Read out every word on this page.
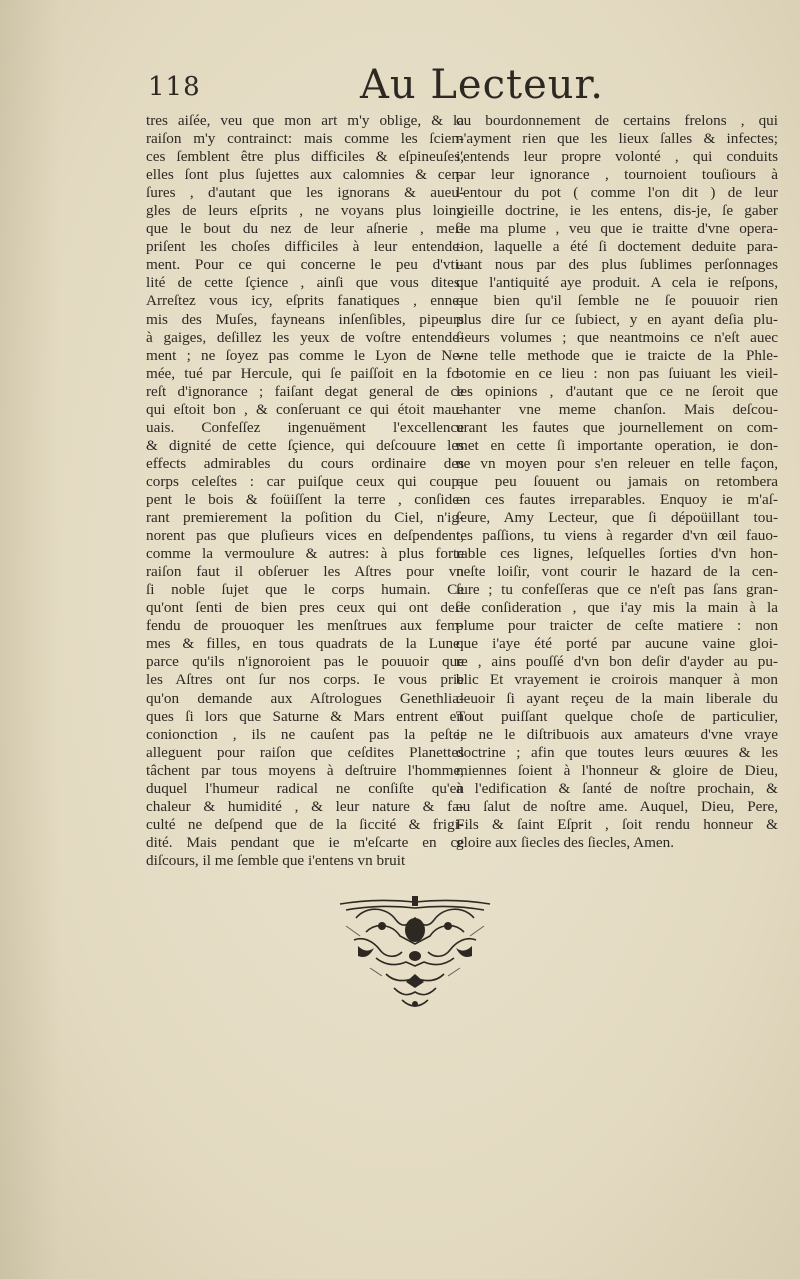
118	Au Lecteur.
tres aiſée, veu que mon art m'y oblige, & la
raiſon m'y contrainct: mais comme les ſcien-
ces ſemblent être plus difficiles & eſpineuſes,
elles ſont plus ſujettes aux calomnies & cen-
ſures , d'autant que les ignorans & aueu-
gles de leurs eſprits , ne voyans plus loing
que le bout du nez de leur aſnerie , meſ-
priſent les choſes difficiles à leur entende-
ment. Pour ce qui concerne le peu d'vti-
lité de cette ſçience , ainſi que vous dites:
Arreſtez vous icy, eſprits fanatiques , enne-
mis des Muſes, fayneans inſenſibles, pipeurs
à gaiges, deſillez les yeux de voſtre entende-
ment ; ne ſoyez pas comme le Lyon de Ne-
mée, tué par Hercule, qui ſe paiſſoit en la fo-
reſt d'ignorance ; faiſant degat general de ce
qui eſtoit bon , & conſeruant ce qui étoit mau-
uais. Confeſſez ingenuëment l'excellence
& dignité de cette ſçience, qui deſcouure les
effects admirables du cours ordinaire des
corps celeſtes : car puiſque ceux qui coup-
pent le bois & foüiſſent la terre , conſide-
rant premierement la poſition du Ciel, n'ig-
norent pas que pluſieurs vices en deſpendent,
comme la vermoulure & autres: à plus forte
raiſon faut il obſeruer les Aſtres pour vn
ſi noble ſujet que le corps humain. Ce
qu'ont ſenti de bien pres ceux qui ont deſ-
fendu de prouoquer les menſtrues aux fem-
mes & filles, en tous quadrats de la Lune:
parce qu'ils n'ignoroient pas le pouuoir que
les Aſtres ont ſur nos corps. Ie vous prie
qu'on demande aux Aſtrologues Genethlia-
ques ſi lors que Saturne & Mars entrent en
conionction , ils ne cauſent pas la peſte;
alleguent pour raiſon que ceſdites Planettes
tâchent par tous moyens à deſtruire l'homme,
duquel l'humeur radical ne conſiſte qu'en
chaleur & humidité , & leur nature & fa-
culté ne deſpend que de la ſiccité & frigi-
dité. Mais pendant que ie m'eſcarte en ce
diſcours, il me ſemble que i'entens vn bruit
ou bourdonnement de certains frelons , qui
n'ayment rien que les lieux ſalles & infectes;
i'entends leur propre volonté , qui conduits
par leur ignorance , tournoient touſiours à
l'entour du pot ( comme l'on dit ) de leur
vieille doctrine, ie les entens, dis-je, ſe gaber
de ma plume , veu que ie traitte d'vne opera-
tion, laquelle a été ſi doctement deduite para-
uant nous par des plus ſublimes perſonnages
que l'antiquité aye produit. A cela ie reſpons,
que bien qu'il ſemble ne ſe pouuoir rien
plus dire ſur ce ſubiect, y en ayant deſia plu-
ſieurs volumes ; que neantmoins ce n'eſt auec
vne telle methode que ie traicte de la Phle-
botomie en ce lieu : non pas ſuiuant les vieil-
les opinions , d'autant que ce ne ſeroit que
chanter vne meme chanſon. Mais deſcou-
urant les fautes que journellement on com-
met en cette ſi importante operation, ie don-
ne vn moyen pour s'en releuer en telle façon,
que peu ſouuent ou jamais on retombera
en ces fautes irreparables. Enquoy ie m'aſ-
ſeure, Amy Lecteur, que ſi dépoüillant tou-
tes paſſions, tu viens à regarder d'vn œil fauo-
rable ces lignes, leſquelles ſorties d'vn hon-
neſte loiſir, vont courir le hazard de la cen-
ſure ; tu confeſſeras que ce n'eſt pas ſans gran-
de conſideration , que i'ay mis la main à la
plume pour traicter de ceſte matiere : non
que i'aye été porté par aucune vaine gloi-
re , ains pouſſé d'vn bon deſir d'ayder au pu-
blic Et vrayement ie croirois manquer à mon
deuoir ſi ayant reçeu de la main liberale du
Tout puiſſant quelque choſe de particulier,
ie ne le diſtribuois aux amateurs d'vne vraye
doctrine ; afin que toutes leurs œuures & les
miennes ſoient à l'honneur & gloire de Dieu,
à l'edification & ſanté de noſtre prochain, &
au ſalut de noſtre ame. Auquel, Dieu, Pere,
Fils & ſaint Eſprit , ſoit rendu honneur &
gloire aux ſiecles des ſiecles, Amen.
